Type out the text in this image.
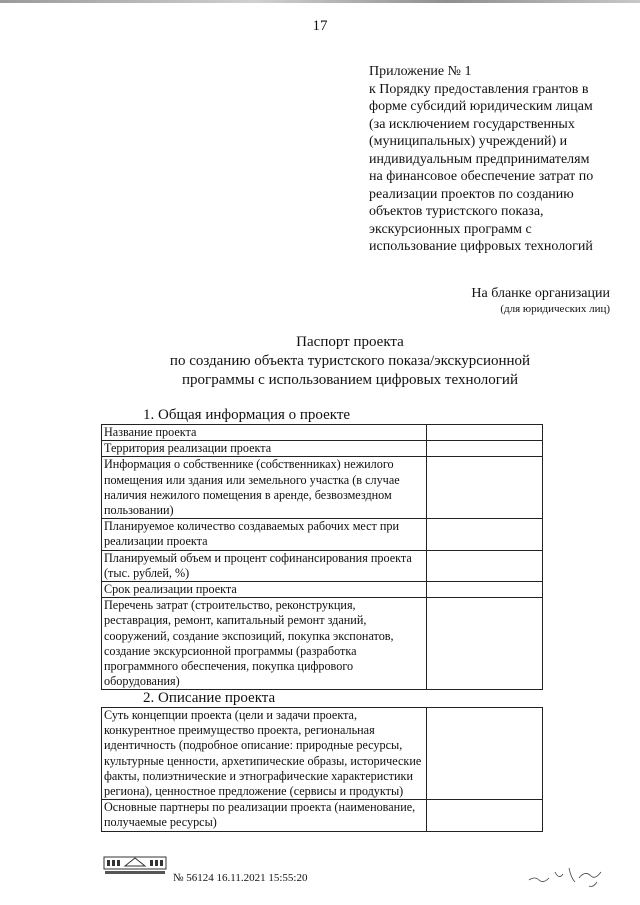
17
Приложение № 1
к Порядку предоставления грантов в
форме субсидий юридическим лицам
(за исключением государственных
(муниципальных) учреждений) и
индивидуальным предпринимателям
на финансовое обеспечение затрат по
реализации проектов по созданию
объектов туристского показа,
экскурсионных программ с
использование цифровых технологий
На бланке организации
(для юридических лиц)
Паспорт проекта
по созданию объекта туристского показа/экскурсионной
программы с использованием цифровых технологий
1. Общая информация о проекте
Название проекта	
Территория реализации проекта	
Информация о собственнике (собственниках) нежилого помещения или здания или земельного участка (в случае наличия нежилого помещения в аренде, безвозмездном пользовании)	
Планируемое количество создаваемых рабочих мест при реализации проекта	
Планируемый объем и процент софинансирования проекта (тыс. рублей, %)	
Срок реализации проекта	
Перечень затрат (строительство, реконструкция, реставрация, ремонт, капитальный ремонт зданий, сооружений, создание экспозиций, покупка экспонатов, создание экскурсионной программы (разработка программного обеспечения, покупка цифрового оборудования)	
2. Описание проекта
Суть концепции проекта (цели и задачи проекта, конкурентное преимущество проекта, региональная идентичность (подробное описание: природные ресурсы, культурные ценности, архетипические образы, исторические факты, полиэтнические и этнографические характеристики региона), ценностное предложение (сервисы и продукты)	
Основные партнеры по реализации проекта (наименование, получаемые ресурсы)	
№ 56124 16.11.2021 15:55:20
